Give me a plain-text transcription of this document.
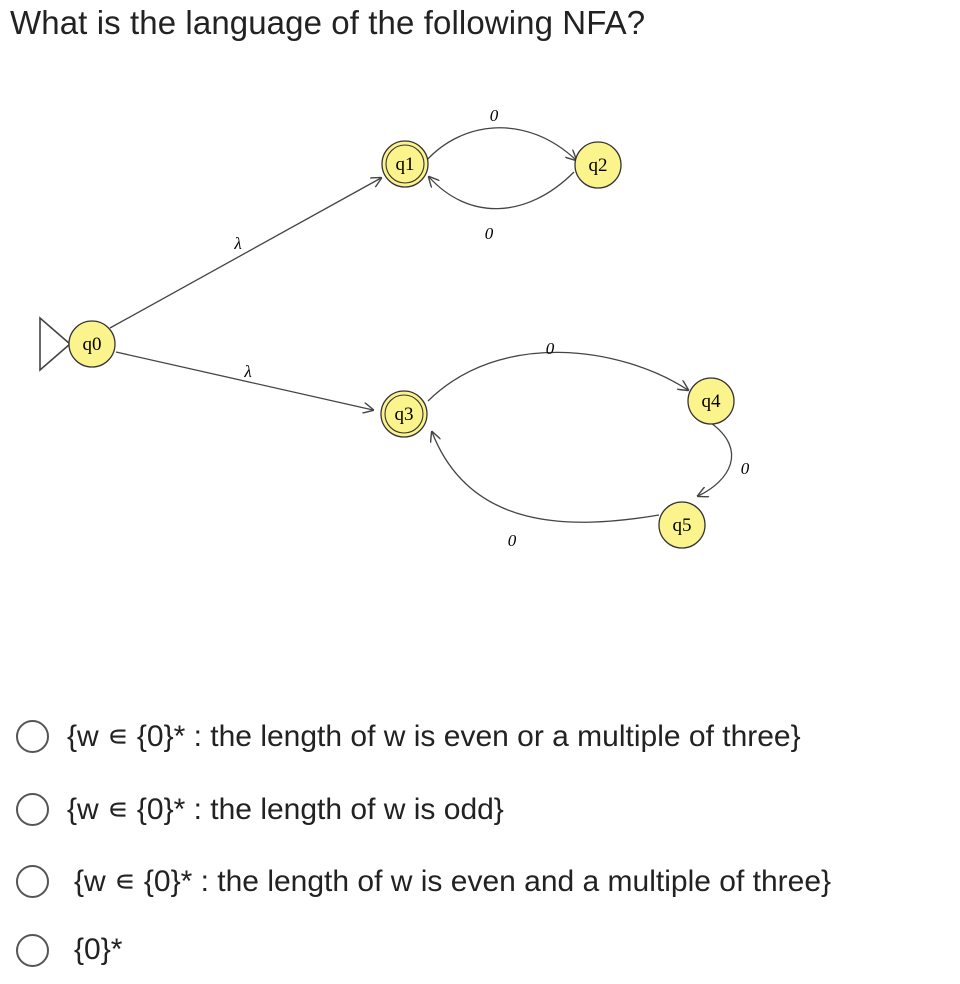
What is the language of the following NFA?
λ
λ
0
0
0
0
0
q0
q1	q2
q3
q4
q5
{w ∊ {0}* : the length of w is even or a multiple of three}
{w ∊ {0}* : the length of w is odd}
{w ∊ {0}* : the length of w is even and a multiple of three}
{0}*
